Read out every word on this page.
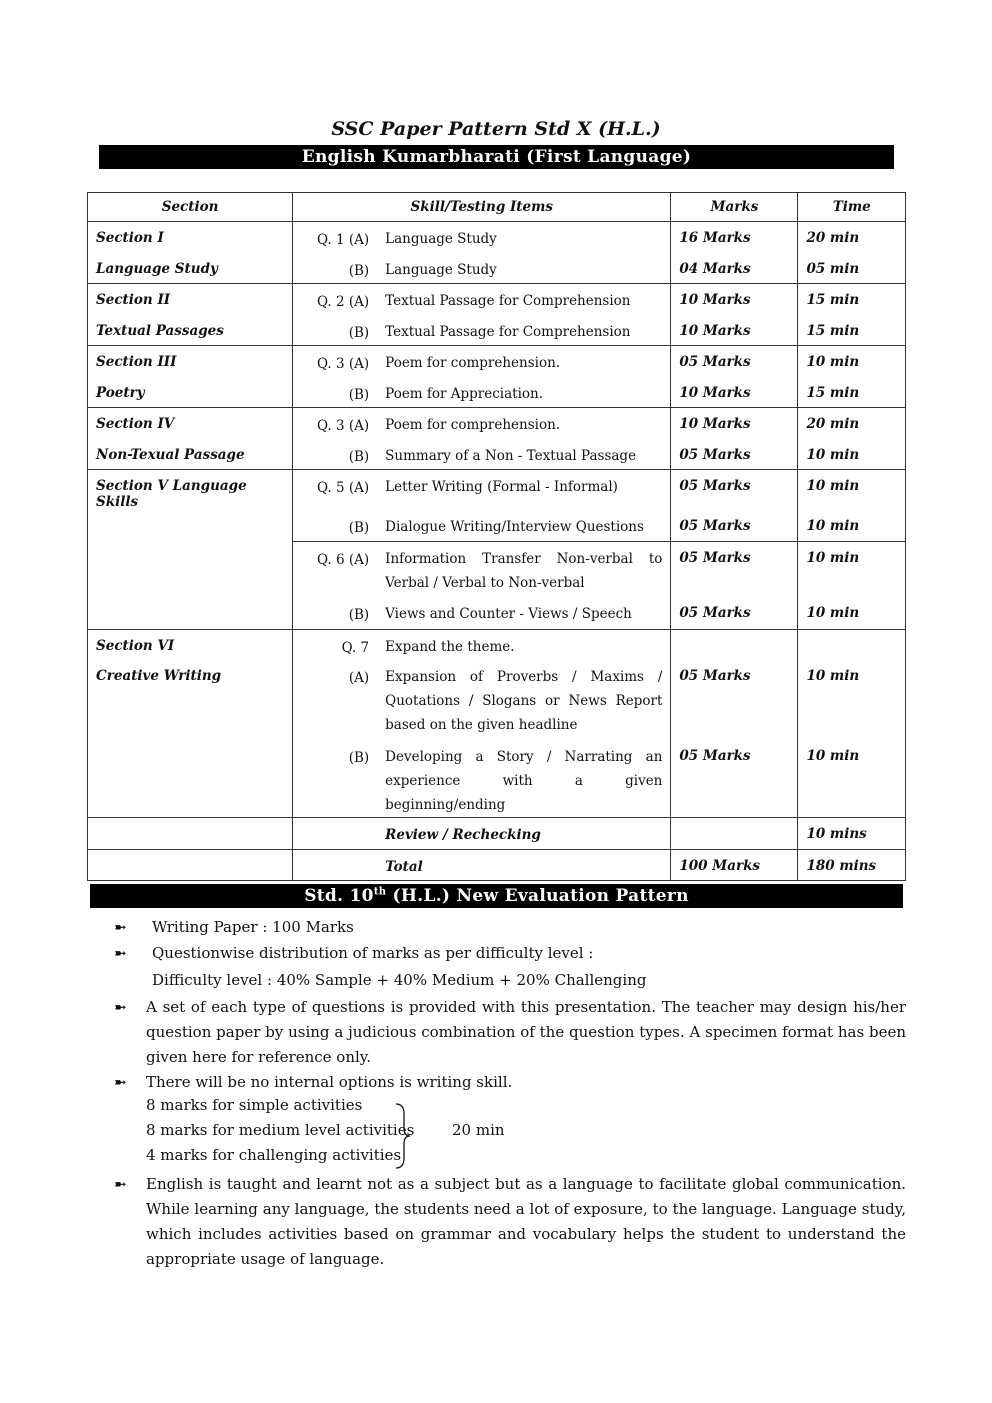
SSC Paper Pattern Std X (H.L.)
English Kumarbharati (First Language)
Section	Skill/Testing Items	Marks	Time
Section I	Q. 1 (A) Language Study	16 Marks	20 min
Language Study	(B) Language Study	04 Marks	05 min
Section II	Q. 2 (A) Textual Passage for Comprehension	10 Marks	15 min
Textual Passages	(B) Textual Passage for Comprehension	10 Marks	15 min
Section III	Q. 3 (A) Poem for comprehension.	05 Marks	10 min
Poetry	(B) Poem for Appreciation.	10 Marks	15 min
Section IV	Q. 3 (A) Poem for comprehension.	10 Marks	20 min
Non-Texual Passage	(B) Summary of a Non - Textual Passage	05 Marks	10 min
Section V Language Skills	Q. 5 (A) Letter Writing (Formal - Informal)	05 Marks	10 min

	(B) Dialogue Writing/Interview Questions	05 Marks	10 min

	Q. 6 (A) Information Transfer Non-verbal to Verbal / Verbal to Non-verbal	05 Marks	10 min

	(B) Views and Counter - Views / Speech	05 Marks	10 min
Section VI	Q. 7 Expand the theme.		

Creative Writing	(A) Expansion of Proverbs / Maxims / Quotations / Slogans or News Report based on the given headline	05 Marks	10 min

	(B) Developing a Story / Narrating an experience with a given beginning/ending	05 Marks	10 min

	Review / Rechecking		10 mins

	Total	100 Marks	180 mins
Std. 10th (H.L.) New Evaluation Pattern
➼ Writing Paper : 100 Marks
➼ Questionwise distribution of marks as per difficulty level :
Difficulty level : 40% Sample + 40% Medium + 20% Challenging
➼ A set of each type of questions is provided with this presentation. The teacher may design his/her question paper by using a judicious combination of the question types. A specimen format has been given here for reference only.
➼ There will be no internal options is writing skill.
8 marks for simple activities
8 marks for medium level activities
4 marks for challenging activities
20 min
➼ English is taught and learnt not as a subject but as a language to facilitate global communication. While learning any language, the students need a lot of exposure, to the language. Language study, which includes activities based on grammar and vocabulary helps the student to understand the appropriate usage of language.
